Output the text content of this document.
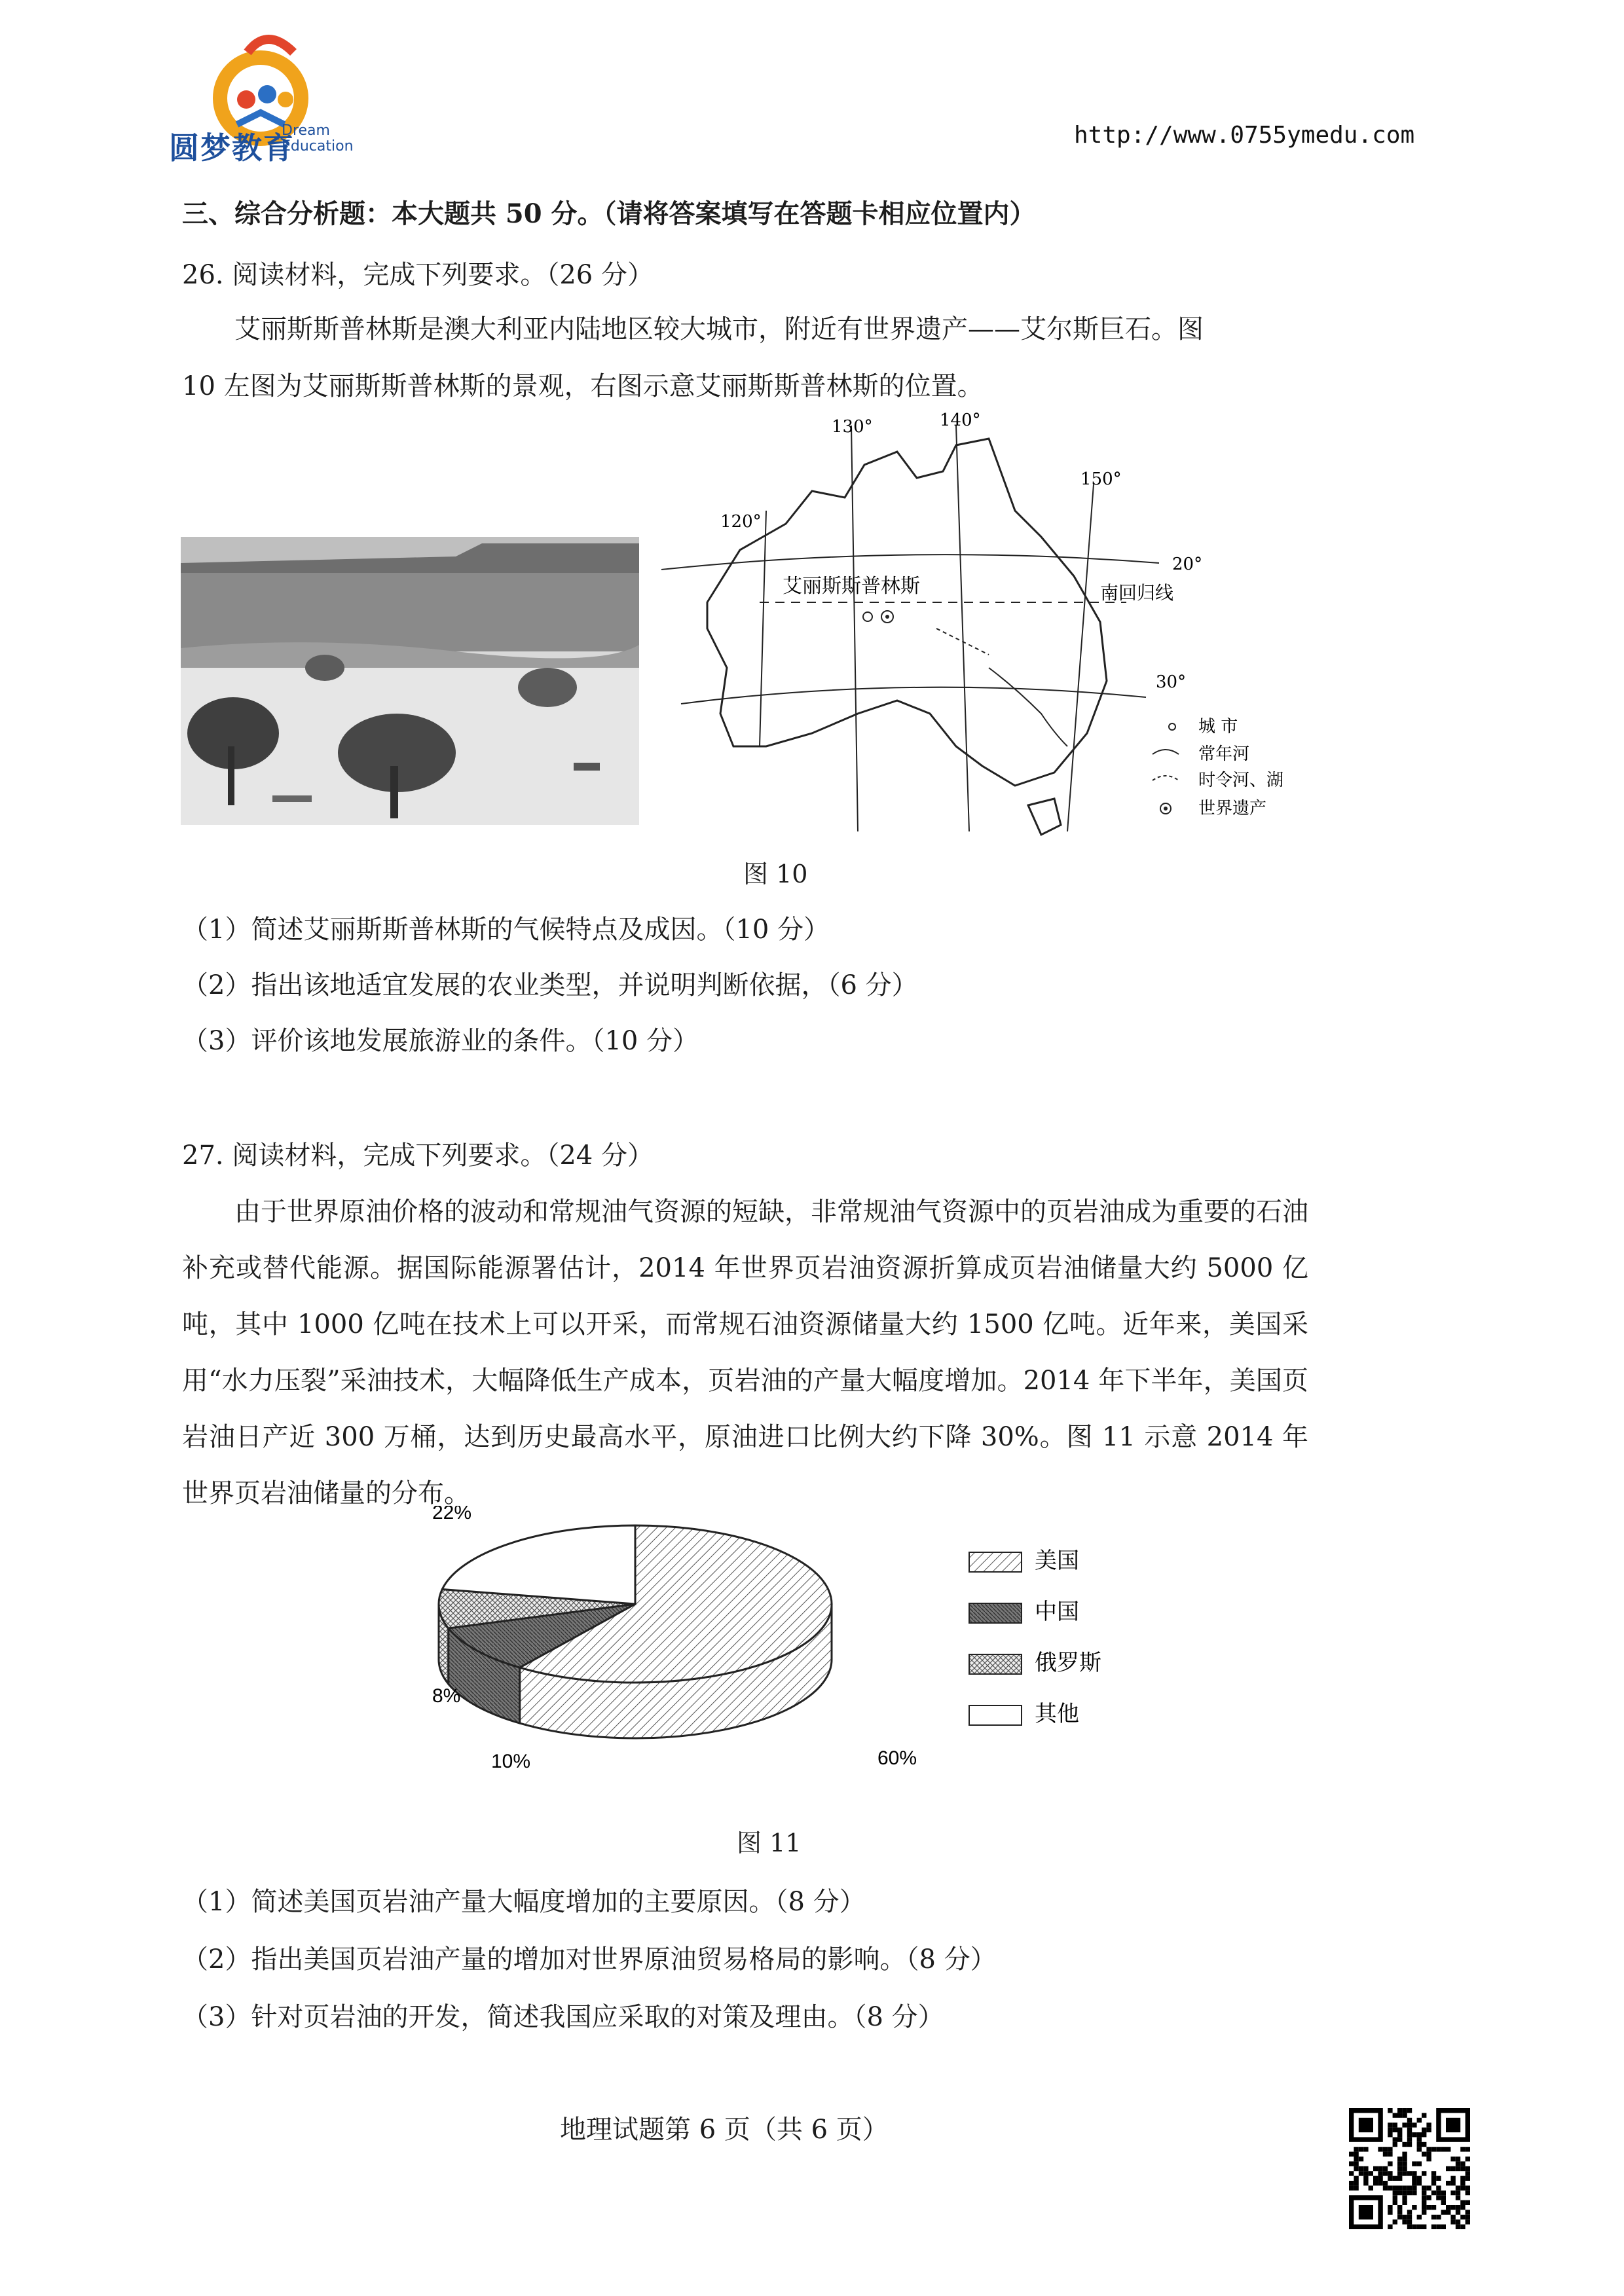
圆梦教育
Dream
Education	http://www.0755ymedu.com
三、综合分析题：本大题共 50 分。（请将答案填写在答题卡相应位置内）
26. 阅读材料，完成下列要求。（26 分）
艾丽斯斯普林斯是澳大利亚内陆地区较大城市，附近有世界遗产——艾尔斯巨石。图
10 左图为艾丽斯斯普林斯的景观，右图示意艾丽斯斯普林斯的位置。
130°	140°
150°
120°
20°
30°
艾丽斯斯普林斯	南回归线
城 市
常年河
时令河、湖
世界遗产
图 10
（1）简述艾丽斯斯普林斯的气候特点及成因。（10 分）
（2）指出该地适宜发展的农业类型，并说明判断依据，（6 分）
（3）评价该地发展旅游业的条件。（10 分）
27. 阅读材料，完成下列要求。（24 分）
由于世界原油价格的波动和常规油气资源的短缺，非常规油气资源中的页岩油成为重要的石油补充或替代能源。据国际能源署估计，2014 年世界页岩油资源折算成页岩油储量大约 5000 亿吨，其中 1000 亿吨在技术上可以开采，而常规石油资源储量大约 1500 亿吨。近年来，美国采用“水力压裂”采油技术，大幅降低生产成本，页岩油的产量大幅度增加。2014 年下半年，美国页岩油日产近 300 万桶，达到历史最高水平，原油进口比例大约下降 30%。图 11 示意 2014 年世界页岩油储量的分布。
60%
10%
8%
22%
美国
中国
俄罗斯
其他
图 11
（1）简述美国页岩油产量大幅度增加的主要原因。（8 分）
（2）指出美国页岩油产量的增加对世界原油贸易格局的影响。（8 分）
（3）针对页岩油的开发，简述我国应采取的对策及理由。（8 分）
地理试题第 6 页（共 6 页）
